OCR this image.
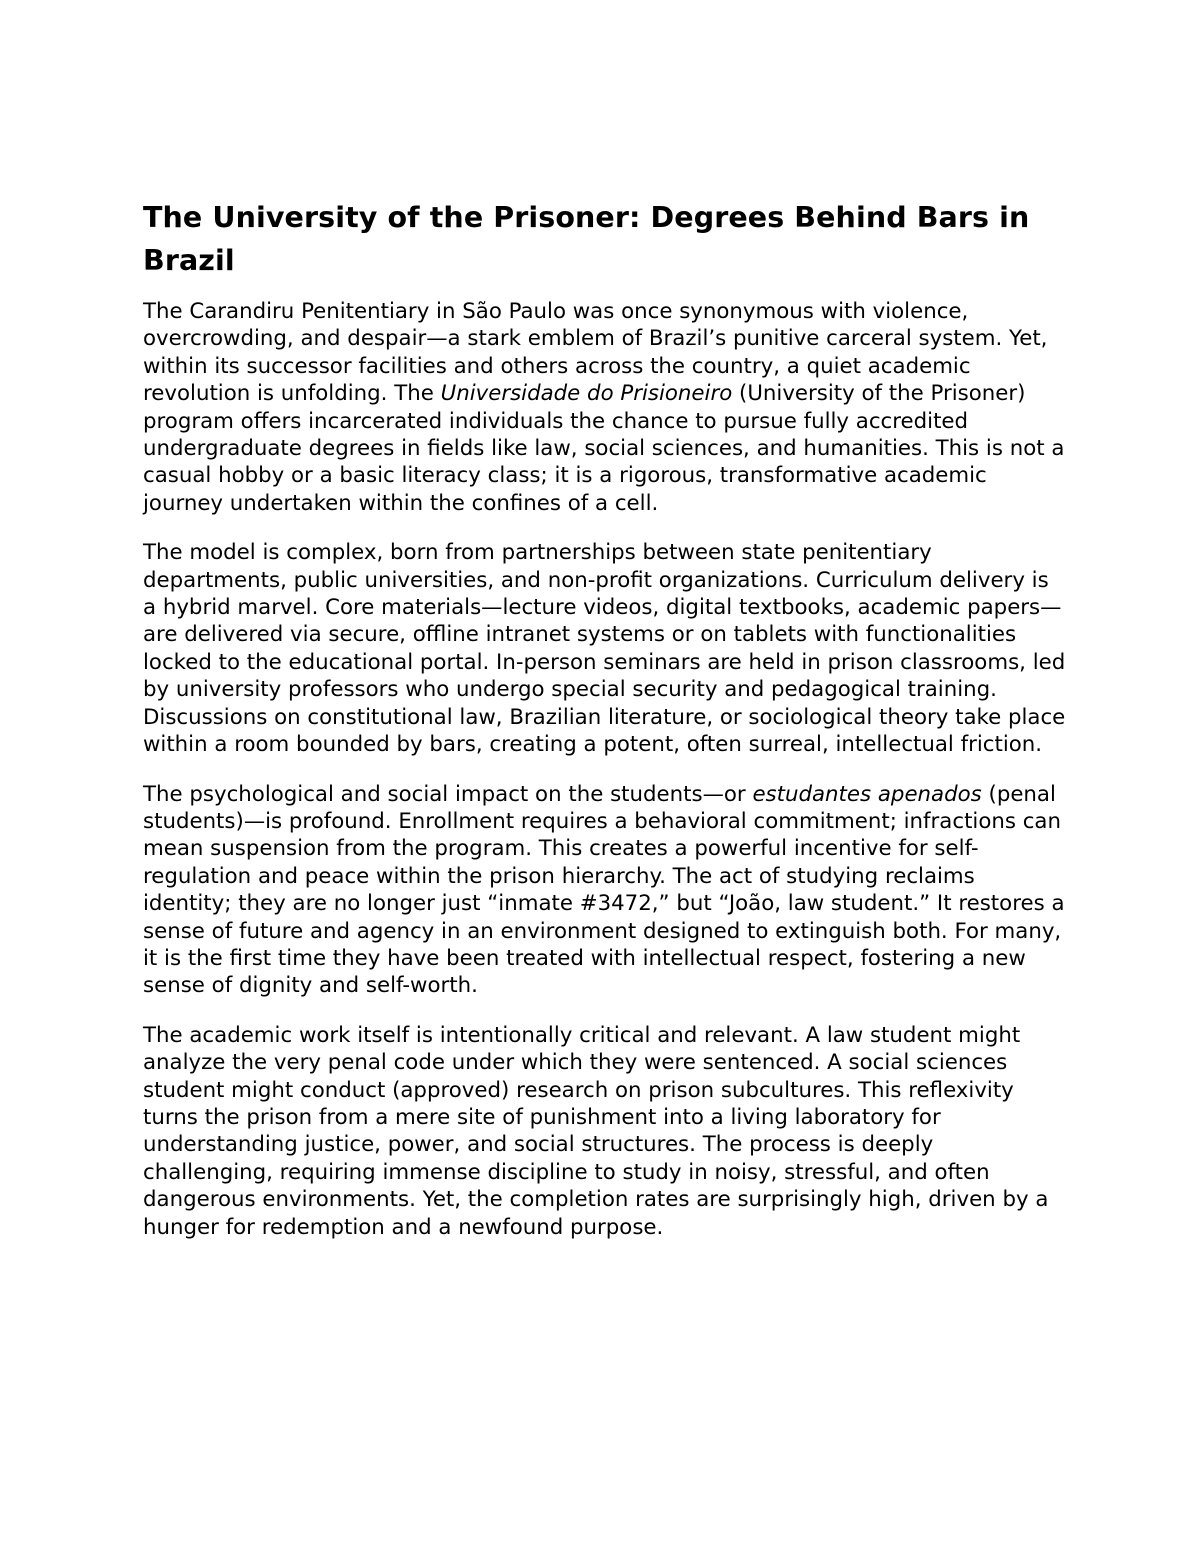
The University of the Prisoner: Degrees Behind Bars in Brazil

The Carandiru Penitentiary in São Paulo was once synonymous with violence, overcrowding, and despair—a stark emblem of Brazil’s punitive carceral system. Yet, within its successor facilities and others across the country, a quiet academic revolution is unfolding. The Universidade do Prisioneiro (University of the Prisoner) program offers incarcerated individuals the chance to pursue fully accredited undergraduate degrees in fields like law, social sciences, and humanities. This is not a casual hobby or a basic literacy class; it is a rigorous, transformative academic journey undertaken within the confines of a cell.

The model is complex, born from partnerships between state penitentiary departments, public universities, and non-profit organizations. Curriculum delivery is a hybrid marvel. Core materials—lecture videos, digital textbooks, academic papers—are delivered via secure, offline intranet systems or on tablets with functionalities locked to the educational portal. In-person seminars are held in prison classrooms, led by university professors who undergo special security and pedagogical training. Discussions on constitutional law, Brazilian literature, or sociological theory take place within a room bounded by bars, creating a potent, often surreal, intellectual friction.

The psychological and social impact on the students—or estudantes apenados (penal students)—is profound. Enrollment requires a behavioral commitment; infractions can mean suspension from the program. This creates a powerful incentive for self-regulation and peace within the prison hierarchy. The act of studying reclaims identity; they are no longer just “inmate #3472,” but “João, law student.” It restores a sense of future and agency in an environment designed to extinguish both. For many, it is the first time they have been treated with intellectual respect, fostering a new sense of dignity and self-worth.

The academic work itself is intentionally critical and relevant. A law student might analyze the very penal code under which they were sentenced. A social sciences student might conduct (approved) research on prison subcultures. This reflexivity turns the prison from a mere site of punishment into a living laboratory for understanding justice, power, and social structures. The process is deeply challenging, requiring immense discipline to study in noisy, stressful, and often dangerous environments. Yet, the completion rates are surprisingly high, driven by a hunger for redemption and a newfound purpose.
